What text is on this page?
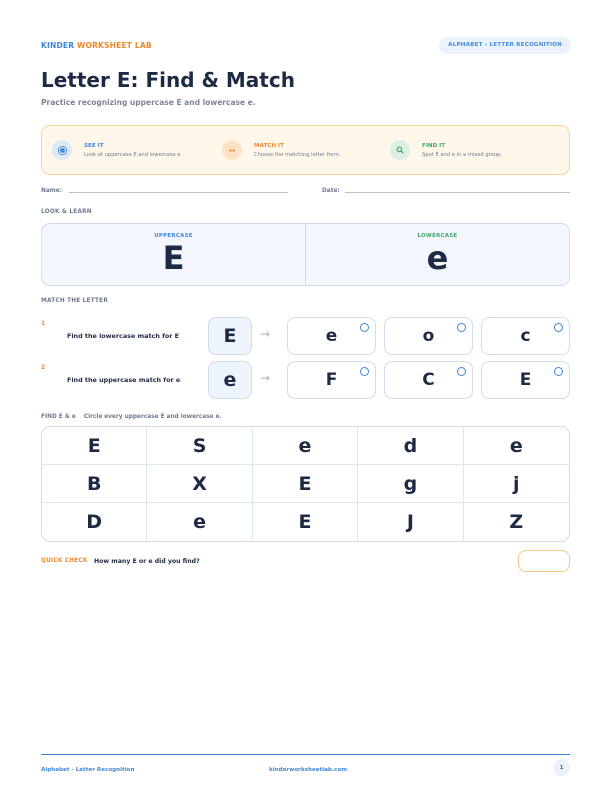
KINDER WORKSHEET LAB	ALPHABET - LETTER RECOGNITION
Letter E: Find & Match
Practice recognizing uppercase E and lowercase e.
SEE IT
Look at uppercase E and lowercase e.	↔	MATCH IT
Choose the matching letter form.
FIND IT
Spot E and e in a mixed group.
Name:	Date:
LOOK & LEARN
UPPERCASE
E
LOWERCASE
e
MATCH THE LETTER
1
Find the lowercase match for E	E	→	e	o	c
2
Find the uppercase match for e	e	→	F	C	E
FIND E & e Circle every uppercase E and lowercase e.
E	S	e	d	e
B	X	E	g	j
D	e	E	J	Z
QUICK CHECK How many E or e did you find?
Alphabet - Letter Recognition	kinderworksheetlab.com	1
